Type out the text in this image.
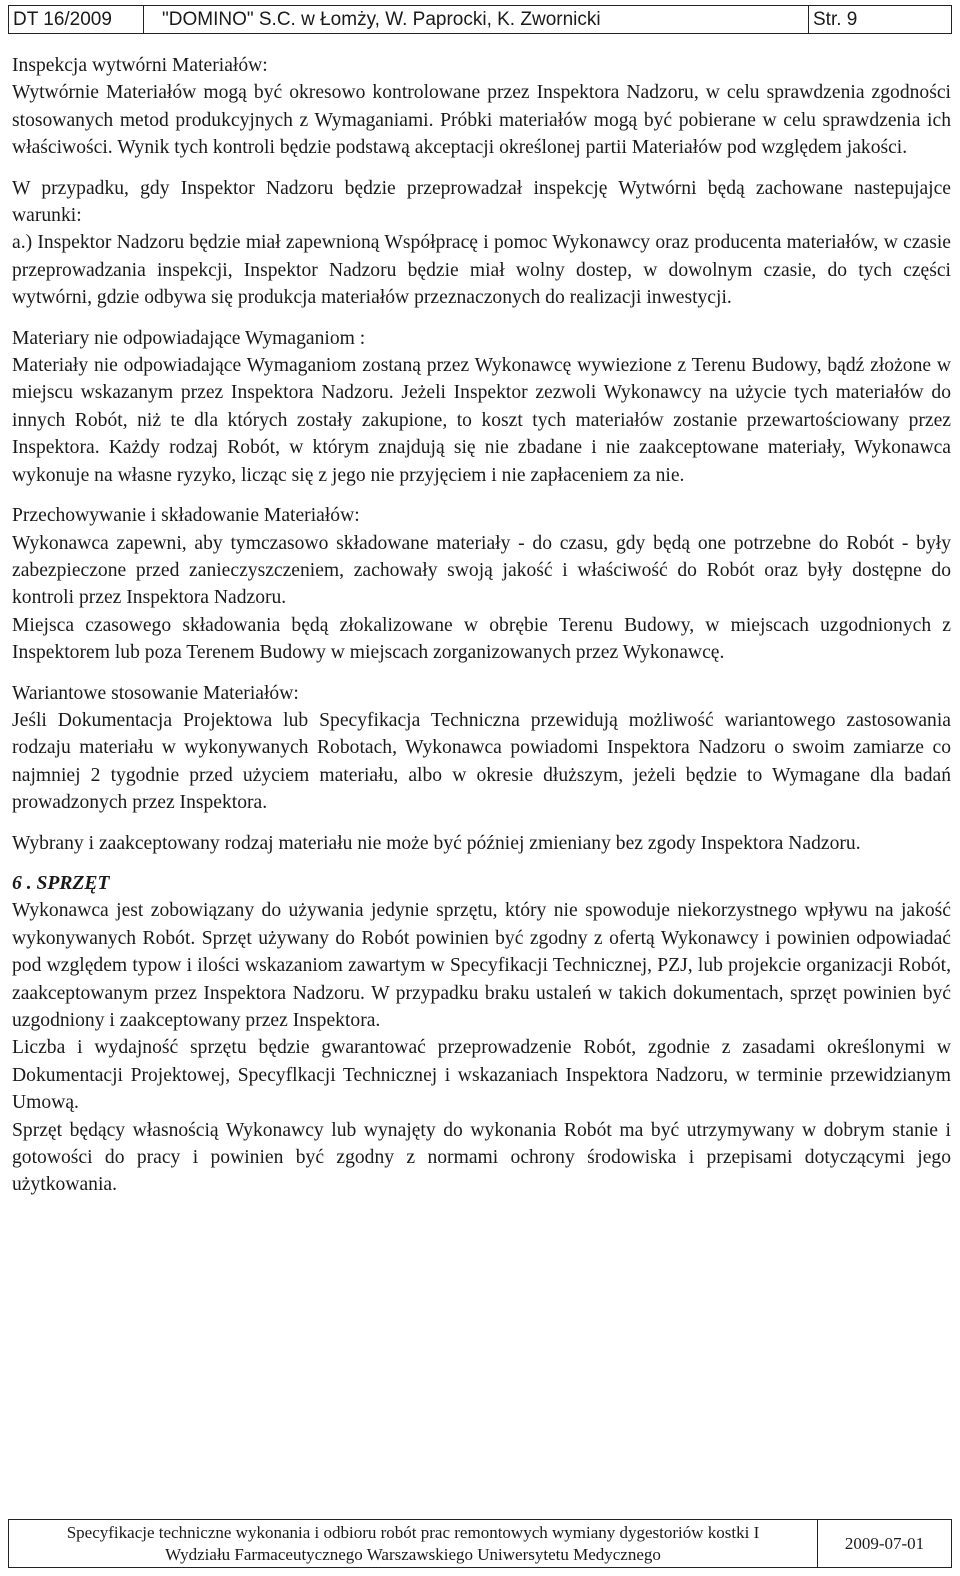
DT 16/2009	"DOMINO" S.C. w Łomży, W. Paprocki, K. Zwornicki	Str. 9

Inspekcja wytwórni Materiałów:

Wytwórnie Materiałów mogą być okresowo kontrolowane przez Inspektora Nadzoru, w celu sprawdzenia zgodności stosowanych metod produkcyjnych z Wymaganiami. Próbki materiałów mogą być pobierane w celu sprawdzenia ich właściwości. Wynik tych kontroli będzie podstawą akceptacji określonej partii Materiałów pod względem jakości.

W przypadku, gdy Inspektor Nadzoru będzie przeprowadzał inspekcję Wytwórni będą zachowane nastepujajce warunki:

a.) Inspektor Nadzoru będzie miał zapewnioną Współpracę i pomoc Wykonawcy oraz producenta materiałów, w czasie przeprowadzania inspekcji, Inspektor Nadzoru będzie miał wolny dostep, w dowolnym czasie, do tych części wytwórni, gdzie odbywa się produkcja materiałów przeznaczonych do realizacji inwestycji.

Materiary nie odpowiadające Wymaganiom :

Materiały nie odpowiadające Wymaganiom zostaną przez Wykonawcę wywiezione z Terenu Budowy, bądź złożone w miejscu wskazanym przez Inspektora Nadzoru. Jeżeli Inspektor zezwoli Wykonawcy na użycie tych materiałów do innych Robót, niż te dla których zostały zakupione, to koszt tych materiałów zostanie przewartościowany przez Inspektora. Każdy rodzaj Robót, w którym znajdują się nie zbadane i nie zaakceptowane materiały, Wykonawca wykonuje na własne ryzyko, licząc się z jego nie przyjęciem i nie zapłaceniem za nie.

Przechowywanie i składowanie Materiałów:

Wykonawca zapewni, aby tymczasowo składowane materiały - do czasu, gdy będą one potrzebne do Robót - były zabezpieczone przed zanieczyszczeniem, zachowały swoją jakość i właściwość do Robót oraz były dostępne do kontroli przez Inspektora Nadzoru.

Miejsca czasowego składowania będą złokalizowane w obrębie Terenu Budowy, w miejscach uzgodnionych z Inspektorem lub poza Terenem Budowy w miejscach zorganizowanych przez Wykonawcę.

Wariantowe stosowanie Materiałów:

Jeśli Dokumentacja Projektowa lub Specyfikacja Techniczna przewidują możliwość wariantowego zastosowania rodzaju materiału w wykonywanych Robotach, Wykonawca powiadomi Inspektora Nadzoru o swoim zamiarze co najmniej 2 tygodnie przed użyciem materiału, albo w okresie dłuższym, jeżeli będzie to Wymagane dla badań prowadzonych przez Inspektora.

Wybrany i zaakceptowany rodzaj materiału nie może być później zmieniany bez zgody Inspektora Nadzoru.

6 . SPRZĘT

Wykonawca jest zobowiązany do używania jedynie sprzętu, który nie spowoduje niekorzystnego wpływu na jakość wykonywanych Robót. Sprzęt używany do Robót powinien być zgodny z ofertą Wykonawcy i powinien odpowiadać pod względem typow i ilości wskazaniom zawartym w Specyfikacji Technicznej, PZJ, lub projekcie organizacji Robót, zaakceptowanym przez Inspektora Nadzoru. W przypadku braku ustaleń w takich dokumentach, sprzęt powinien być uzgodniony i zaakceptowany przez Inspektora.

Liczba i wydajność sprzętu będzie gwarantować przeprowadzenie Robót, zgodnie z zasadami określonymi w Dokumentacji Projektowej, Specyflkacji Technicznej i wskazaniach Inspektora Nadzoru, w terminie przewidzianym Umową.

Sprzęt będący własnością Wykonawcy lub wynajęty do wykonania Robót ma być utrzymywany w dobrym stanie i gotowości do pracy i powinien być zgodny z normami ochrony środowiska i przepisami dotyczącymi jego użytkowania.

Specyfikacje techniczne wykonania i odbioru robót prac remontowych wymiany dygestoriów kostki I
Wydziału Farmaceutycznego Warszawskiego Uniwersytetu Medycznego
2009-07-01
